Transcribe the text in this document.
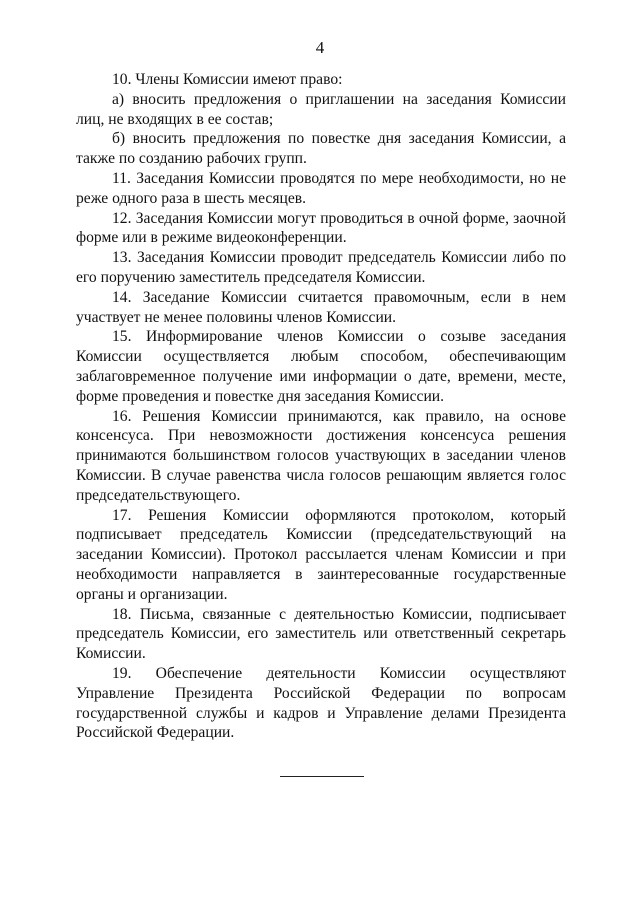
4

10. Члены Комиссии имеют право:

а) вносить предложения о приглашении на заседания Комиссии лиц, не входящих в ее состав;

б) вносить предложения по повестке дня заседания Комиссии, а также по созданию рабочих групп.

11. Заседания Комиссии проводятся по мере необходимости, но не реже одного раза в шесть месяцев.

12. Заседания Комиссии могут проводиться в очной форме, заочной форме или в режиме видеоконференции.

13. Заседания Комиссии проводит председатель Комиссии либо по его поручению заместитель председателя Комиссии.

14. Заседание Комиссии считается правомочным, если в нем участвует не менее половины членов Комиссии.

15. Информирование членов Комиссии о созыве заседания Комиссии осуществляется любым способом, обеспечивающим заблаговременное получение ими информации о дате, времени, месте, форме проведения и повестке дня заседания Комиссии.

16. Решения Комиссии принимаются, как правило, на основе консенсуса. При невозможности достижения консенсуса решения принимаются большинством голосов участвующих в заседании членов Комиссии. В случае равенства числа голосов решающим является голос председательствующего.

17. Решения Комиссии оформляются протоколом, который подписывает председатель Комиссии (председательствующий на заседании Комиссии). Протокол рассылается членам Комиссии и при необходимости направляется в заинтересованные государственные органы и организации.

18. Письма, связанные с деятельностью Комиссии, подписывает председатель Комиссии, его заместитель или ответственный секретарь Комиссии.

19. Обеспечение деятельности Комиссии осуществляют Управление Президента Российской Федерации по вопросам государственной службы и кадров и Управление делами Президента Российской Федерации.
